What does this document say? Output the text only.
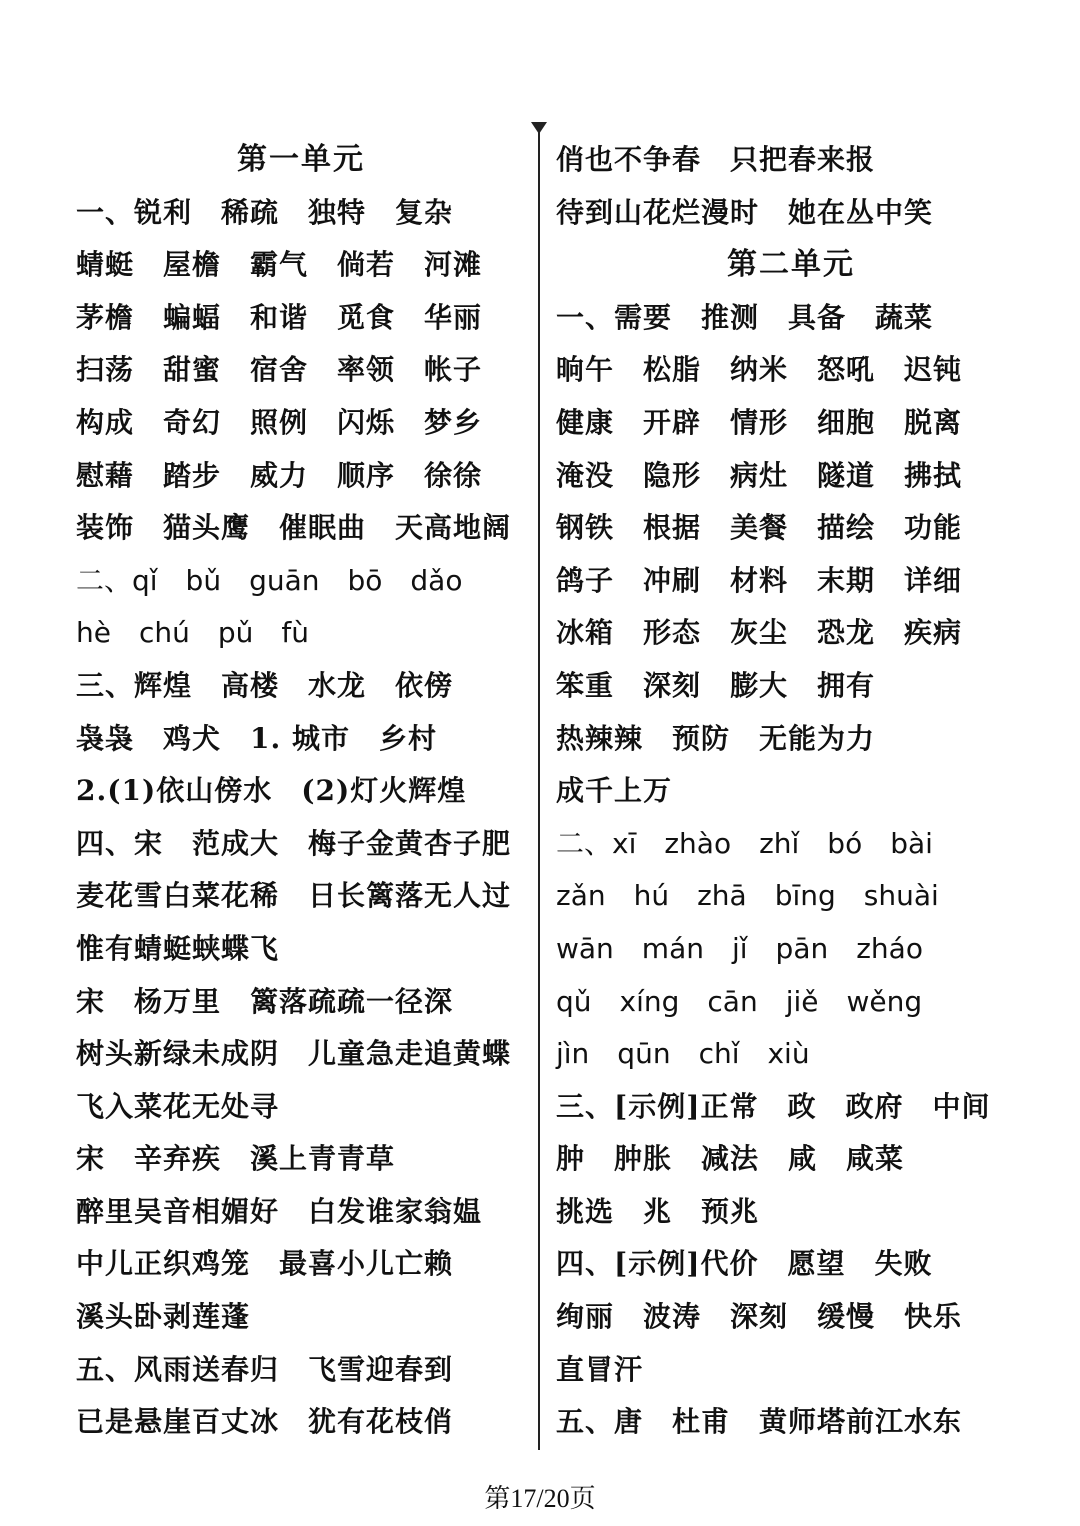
第一单元
一、锐利　稀疏　独特　复杂
蜻蜓　屋檐　霸气　倘若　河滩
茅檐　蝙蝠　和谐　觅食　华丽
扫荡　甜蜜　宿舍　率领　帐子
构成　奇幻　照例　闪烁　梦乡
慰藉　踏步　威力　顺序　徐徐
装饰　猫头鹰　催眠曲　天高地阔
二、qǐ　bǔ　guān　bō　dǎo
hè　chú　pǔ　fù
三、辉煌　高楼　水龙　依傍
袅袅　鸡犬　1. 城市　乡村
2.(1)依山傍水　(2)灯火辉煌
四、宋　范成大　梅子金黄杏子肥
麦花雪白菜花稀　日长篱落无人过
惟有蜻蜓蛱蝶飞
宋　杨万里　篱落疏疏一径深
树头新绿未成阴　儿童急走追黄蝶
飞入菜花无处寻
宋　辛弃疾　溪上青青草
醉里吴音相媚好　白发谁家翁媪
中儿正织鸡笼　最喜小儿亡赖
溪头卧剥莲蓬
五、风雨送春归　飞雪迎春到
已是悬崖百丈冰　犹有花枝俏
俏也不争春　只把春来报
待到山花烂漫时　她在丛中笑
第二单元
一、需要　推测　具备　蔬菜
晌午　松脂　纳米　怒吼　迟钝
健康　开辟　情形　细胞　脱离
淹没　隐形　病灶　隧道　拂拭
钢铁　根据　美餐　描绘　功能
鸽子　冲刷　材料　末期　详细
冰箱　形态　灰尘　恐龙　疾病
笨重　深刻　膨大　拥有
热辣辣　预防　无能为力
成千上万
二、xī　zhào　zhǐ　bó　bài
zǎn　hú　zhā　bīng　shuài
wān　mán　jǐ　pān　zháo
qǔ　xíng　cān　jiě　wěng
jìn　qūn　chǐ　xiù
三、[示例]正常　政　政府　中间
肿　肿胀　减法　咸　咸菜
挑选　兆　预兆
四、[示例]代价　愿望　失败
绚丽　波涛　深刻　缓慢　快乐
直冒汗
五、唐　杜甫　黄师塔前江水东
第17/20页
